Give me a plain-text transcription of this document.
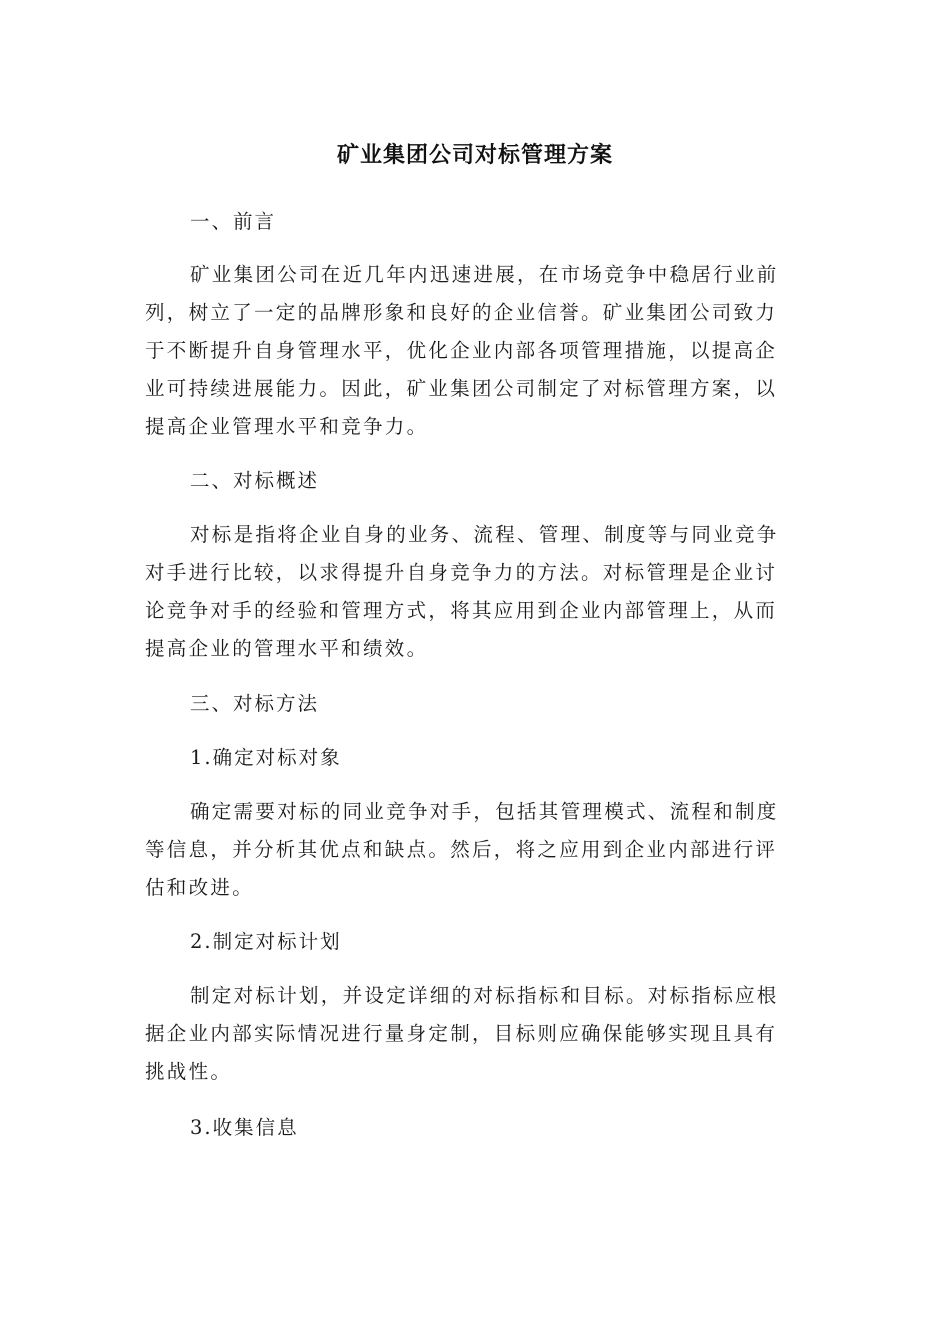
矿业集团公司对标管理方案
一、前言
矿业集团公司在近几年内迅速进展，在市场竞争中稳居行业前
列，树立了一定的品牌形象和良好的企业信誉。矿业集团公司致力
于不断提升自身管理水平，优化企业内部各项管理措施，以提高企
业可持续进展能力。因此，矿业集团公司制定了对标管理方案，以
提高企业管理水平和竞争力。
二、对标概述
对标是指将企业自身的业务、流程、管理、制度等与同业竞争
对手进行比较，以求得提升自身竞争力的方法。对标管理是企业讨
论竞争对手的经验和管理方式，将其应用到企业内部管理上，从而
提高企业的管理水平和绩效。
三、对标方法
1.确定对标对象
确定需要对标的同业竞争对手，包括其管理模式、流程和制度
等信息，并分析其优点和缺点。然后，将之应用到企业内部进行评
估和改进。
2.制定对标计划
制定对标计划，并设定详细的对标指标和目标。对标指标应根
据企业内部实际情况进行量身定制，目标则应确保能够实现且具有
挑战性。
3.收集信息
